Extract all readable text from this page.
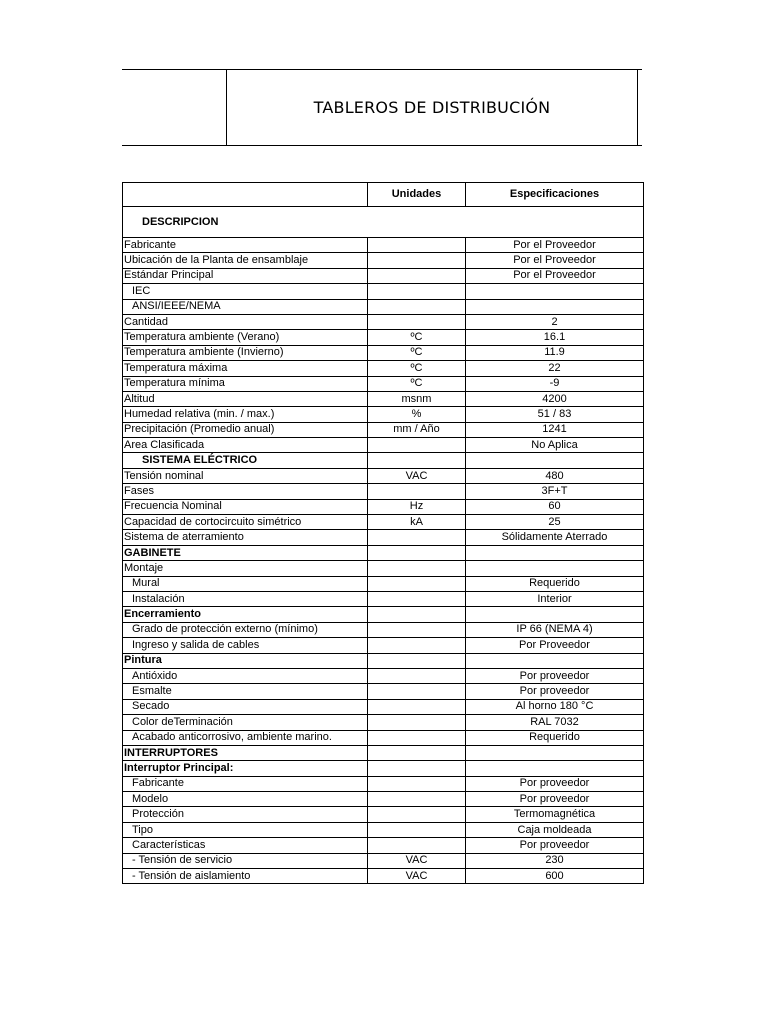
TABLEROS DE DISTRIBUCIÓN
	Unidades	Especificaciones
DESCRIPCION		
Fabricante		Por el Proveedor
Ubicación de la Planta de ensamblaje		Por el Proveedor
Estándar Principal		Por el Proveedor
IEC		
ANSI/IEEE/NEMA		
Cantidad		2
Temperatura ambiente (Verano)	ºC	16.1
Temperatura ambiente (Invierno)	ºC	11.9
Temperatura máxima	ºC	22
Temperatura mínima	ºC	-9
Altitud	msnm	4200
Humedad relativa (min. / max.)	%	51 / 83
Precipitación (Promedio anual)	mm / Año	1241
Area Clasificada		No Aplica
SISTEMA ELÉCTRICO		
Tensión nominal	VAC	480
Fases		3F+T
Frecuencia Nominal	Hz	60
Capacidad de cortocircuito simétrico	kA	25
Sistema de aterramiento		Sólidamente Aterrado
GABINETE		
Montaje		
Mural		Requerido
Instalación		Interior
Encerramiento		
Grado de protección externo (mínimo)		IP 66 (NEMA 4)
Ingreso y salida de cables		Por Proveedor
Pintura		
Antióxido		Por proveedor
Esmalte		Por proveedor
Secado		Al horno 180 °C
Color deTerminación		RAL 7032
Acabado anticorrosivo, ambiente marino.		Requerido
INTERRUPTORES		
Interruptor Principal:		
Fabricante		Por proveedor
Modelo		Por proveedor
Protección		Termomagnética
Tipo		Caja moldeada
Características		Por proveedor
- Tensión de servicio	VAC	230
- Tensión de aislamiento	VAC	600
